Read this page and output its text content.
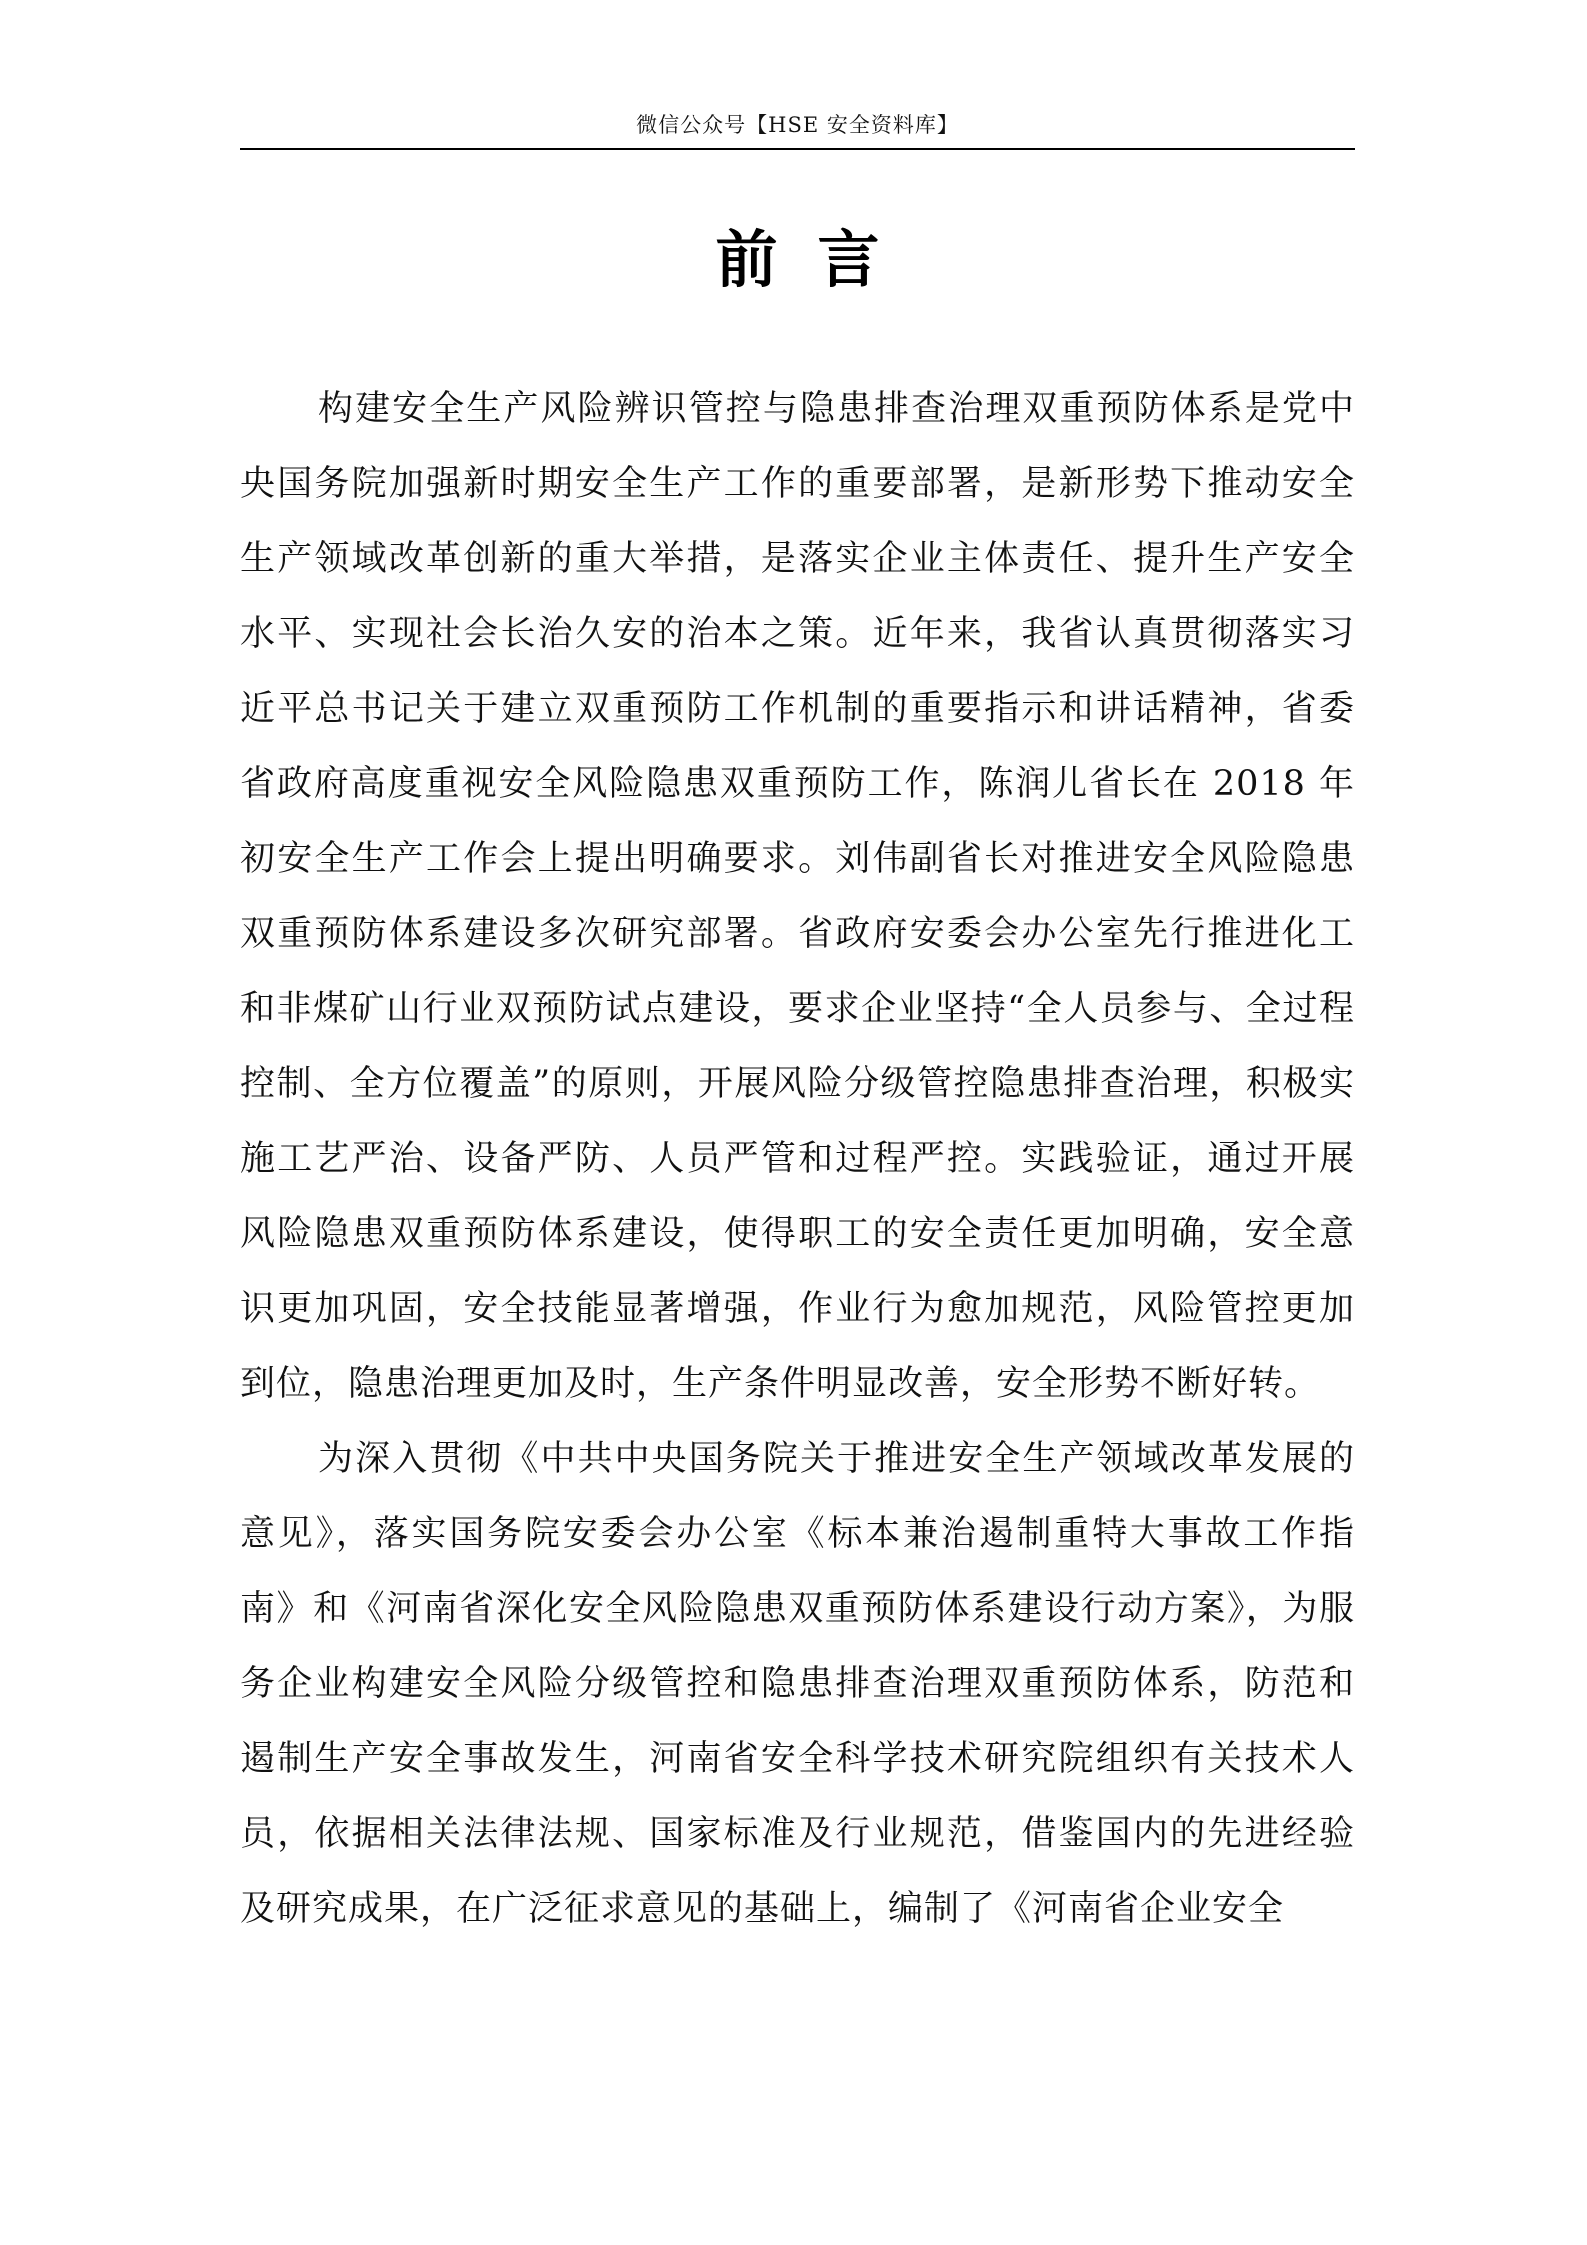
微信公众号【HSE 安全资料库】
前言

构建安全生产风险辨识管控与隐患排查治理双重预防体系是党中央国务院加强新时期安全生产工作的重要部署，是新形势下推动安全生产领域改革创新的重大举措，是落实企业主体责任、提升生产安全水平、实现社会长治久安的治本之策。近年来，我省认真贯彻落实习近平总书记关于建立双重预防工作机制的重要指示和讲话精神，省委省政府高度重视安全风险隐患双重预防工作，陈润儿省长在 2018 年初安全生产工作会上提出明确要求。刘伟副省长对推进安全风险隐患双重预防体系建设多次研究部署。省政府安委会办公室先行推进化工和非煤矿山行业双预防试点建设，要求企业坚持“全人员参与、全过程控制、全方位覆盖”的原则，开展风险分级管控隐患排查治理，积极实施工艺严治、设备严防、人员严管和过程严控。实践验证，通过开展风险隐患双重预防体系建设，使得职工的安全责任更加明确，安全意识更加巩固，安全技能显著增强，作业行为愈加规范，风险管控更加到位，隐患治理更加及时，生产条件明显改善，安全形势不断好转。

为深入贯彻《中共中央国务院关于推进安全生产领域改革发展的意见》，落实国务院安委会办公室《标本兼治遏制重特大事故工作指南》和《河南省深化安全风险隐患双重预防体系建设行动方案》，为服务企业构建安全风险分级管控和隐患排查治理双重预防体系，防范和遏制生产安全事故发生，河南省安全科学技术研究院组织有关技术人员，依据相关法律法规、国家标准及行业规范，借鉴国内的先进经验及研究成果，在广泛征求意见的基础上，编制了《河南省企业安全
